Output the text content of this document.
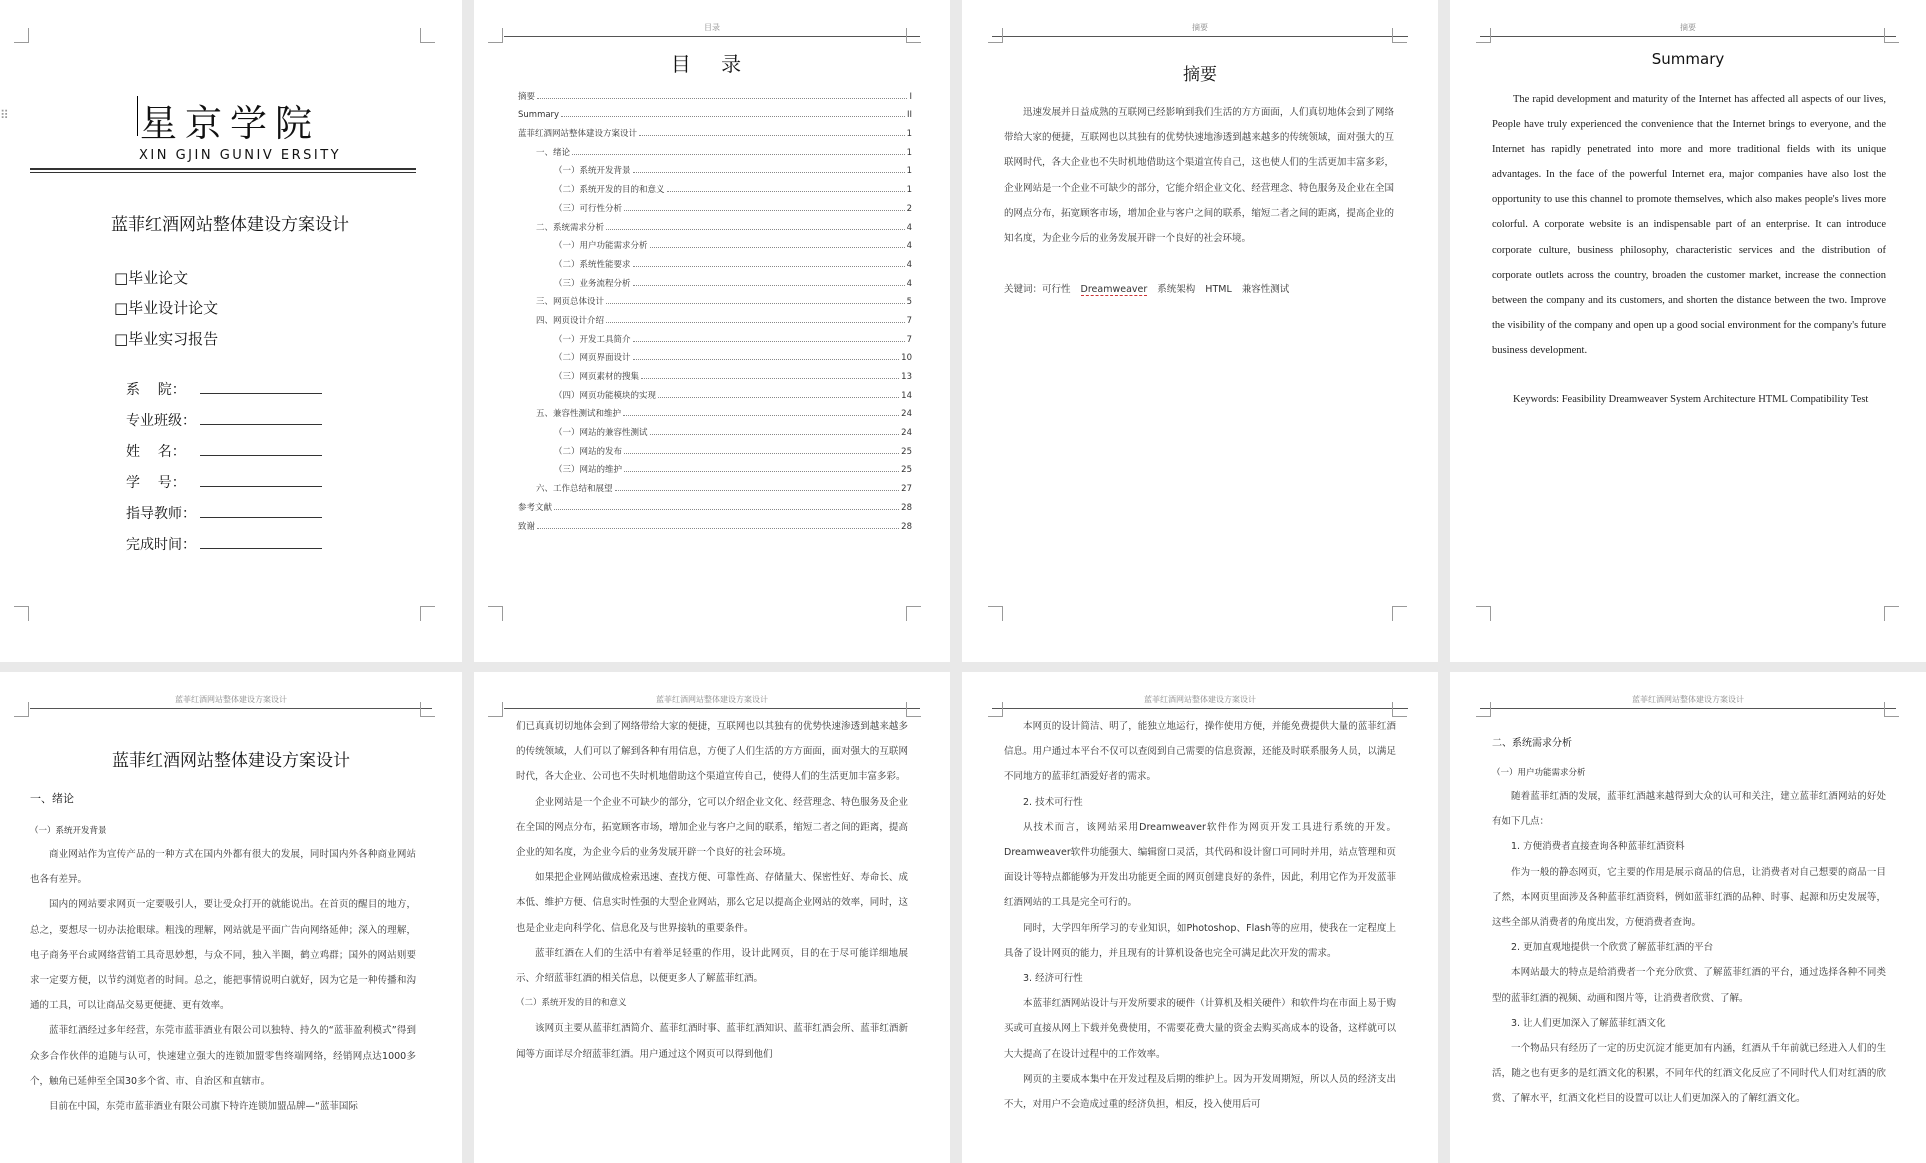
⠿	星京学院
XIN GJIN GUNIV ERSITY
蓝菲红酒网站整体建设方案设计
□毕业论文
□毕业设计论文
□毕业实习报告
系    院：
专业班级：
姓    名：
学    号：
指导教师：
完成时间：
目录
目 录
摘要	I
Summary	II
蓝菲红酒网站整体建设方案设计	1
一、绪论	1
（一）系统开发背景	1
（二）系统开发的目的和意义	1
（三）可行性分析	2
二、系统需求分析	4
（一）用户功能需求分析	4
（二）系统性能要求	4
（三）业务流程分析	4
三、网页总体设计	5
四、网页设计介绍	7
（一）开发工具简介	7
（二）网页界面设计	10
（三）网页素材的搜集	13
（四）网页功能模块的实现	14
五、兼容性测试和维护	24
（一）网站的兼容性测试	24
（二）网站的发布	25
（三）网站的维护	25
六、工作总结和展望	27
参考文献	28
致谢	28
摘要
摘要
迅速发展并日益成熟的互联网已经影响到我们生活的方方面面，人们真切地体会到了网络带给大家的便捷，互联网也以其独有的优势快速地渗透到越来越多的传统领域，面对强大的互联网时代，各大企业也不失时机地借助这个渠道宣传自己，这也使人们的生活更加丰富多彩，企业网站是一个企业不可缺少的部分，它能介绍企业文化、经营理念、特色服务及企业在全国的网点分布，拓宽顾客市场，增加企业与客户之间的联系，缩短二者之间的距离，提高企业的知名度，为企业今后的业务发展开辟一个良好的社会环境。
关键词：可行性 Dreamweaver 系统架构 HTML 兼容性测试
摘要
Summary
The rapid development and maturity of the Internet has affected all aspects of our lives, People have truly experienced the convenience that the Internet brings to everyone, and the Internet has rapidly penetrated into more and more traditional fields with its unique advantages. In the face of the powerful Internet era, major companies have also lost the opportunity to use this channel to promote themselves, which also makes people's lives more colorful. A corporate website is an indispensable part of an enterprise. It can introduce corporate culture, business philosophy, characteristic services and the distribution of corporate outlets across the country, broaden the customer market, increase the connection between the company and its customers, and shorten the distance between the two. Improve the visibility of the company and open up a good social environment for the company's future business development.
Keywords: Feasibility Dreamweaver System Architecture HTML Compatibility Test
蓝菲红酒网站整体建设方案设计
蓝菲红酒网站整体建设方案设计
一、绪论
（一）系统开发背景
商业网站作为宣传产品的一种方式在国内外都有很大的发展，同时国内外各种商业网站也各有差异。
国内的网站要求网页一定要吸引人，要让受众打开的就能说出。在首页的醒目的地方，总之，要想尽一切办法抢眼球。粗浅的理解，网站就是平面广告向网络延伸；深入的理解，电子商务平台或网络营销工具奇思妙想，与众不同，独入半圈，鹤立鸡群；国外的网站则要求一定要方便，以节约浏览者的时间。总之，能把事情说明白就好，因为它是一种传播和沟通的工具，可以让商品交易更便捷、更有效率。
蓝菲红酒经过多年经营，东莞市蓝菲酒业有限公司以独特、持久的“蓝菲盈利模式”得到众多合作伙伴的追随与认可，快速建立强大的连锁加盟零售终端网络，经销网点达1000多个，触角已延伸至全国30多个省、市、自治区和直辖市。
目前在中国，东莞市蓝菲酒业有限公司旗下特许连锁加盟品牌—“蓝菲国际
蓝菲红酒网站整体建设方案设计
们已真真切切地体会到了网络带给大家的便捷，互联网也以其独有的优势快速渗透到越来越多的传统领域，人们可以了解到各种有用信息，方便了人们生活的方方面面，面对强大的互联网时代，各大企业、公司也不失时机地借助这个渠道宣传自己，使得人们的生活更加丰富多彩。
企业网站是一个企业不可缺少的部分，它可以介绍企业文化、经营理念、特色服务及企业在全国的网点分布，拓宽顾客市场，增加企业与客户之间的联系，缩短二者之间的距离，提高企业的知名度，为企业今后的业务发展开辟一个良好的社会环境。
如果把企业网站做成检索迅速、查找方便、可靠性高、存储量大、保密性好、寿命长、成本低、维护方便、信息实时性强的大型企业网站，那么它足以提高企业网站的效率，同时，这也是企业走向科学化、信息化及与世界接轨的重要条件。
蓝菲红酒在人们的生活中有着举足轻重的作用，设计此网页，目的在于尽可能详细地展示、介绍蓝菲红酒的相关信息，以便更多人了解蓝菲红酒。
（二）系统开发的目的和意义
该网页主要从蓝菲红酒简介、蓝菲红酒时事、蓝菲红酒知识、蓝菲红酒会所、蓝菲红酒新闻等方面详尽介绍蓝菲红酒。用户通过这个网页可以得到他们
蓝菲红酒网站整体建设方案设计
本网页的设计简洁、明了，能独立地运行，操作使用方便，并能免费提供大量的蓝菲红酒信息。用户通过本平台不仅可以查阅到自己需要的信息资源，还能及时联系服务人员，以满足不同地方的蓝菲红酒爱好者的需求。
2. 技术可行性
从技术而言，该网站采用Dreamweaver软件作为网页开发工具进行系统的开发。Dreamweaver软件功能强大、编辑窗口灵活，其代码和设计窗口可同时并用，站点管理和页面设计等特点都能够为开发出功能更全面的网页创建良好的条件，因此，利用它作为开发蓝菲红酒网站的工具是完全可行的。
同时，大学四年所学习的专业知识，如Photoshop、Flash等的应用，使我在一定程度上具备了设计网页的能力，并且现有的计算机设备也完全可满足此次开发的需求。
3. 经济可行性
本蓝菲红酒网站设计与开发所要求的硬件（计算机及相关硬件）和软件均在市面上易于购买或可直接从网上下载并免费使用，不需要花费大量的资金去购买高成本的设备，这样就可以大大提高了在设计过程中的工作效率。
网页的主要成本集中在开发过程及后期的维护上。因为开发周期短，所以人员的经济支出不大，对用户不会造成过重的经济负担，相反，投入使用后可
蓝菲红酒网站整体建设方案设计
二、系统需求分析
（一）用户功能需求分析
随着蓝菲红酒的发展，蓝菲红酒越来越得到大众的认可和关注，建立蓝菲红酒网站的好处有如下几点：
1. 方便消费者直接查询各种蓝菲红酒资料
作为一般的静态网页，它主要的作用是展示商品的信息，让消费者对自己想要的商品一目了然，本网页里面涉及各种蓝菲红酒资料，例如蓝菲红酒的品种、时事、起源和历史发展等，这些全部从消费者的角度出发，方便消费者查询。
2. 更加直观地提供一个欣赏了解蓝菲红酒的平台
本网站最大的特点是给消费者一个充分欣赏、了解蓝菲红酒的平台，通过选择各种不同类型的蓝菲红酒的视频、动画和图片等，让消费者欣赏、了解。
3. 让人们更加深入了解蓝菲红酒文化
一个物品只有经历了一定的历史沉淀才能更加有内涵，红酒从千年前就已经进入人们的生活，随之也有更多的是红酒文化的积累，不同年代的红酒文化反应了不同时代人们对红酒的欣赏、了解水平，红酒文化栏目的设置可以让人们更加深入的了解红酒文化。
